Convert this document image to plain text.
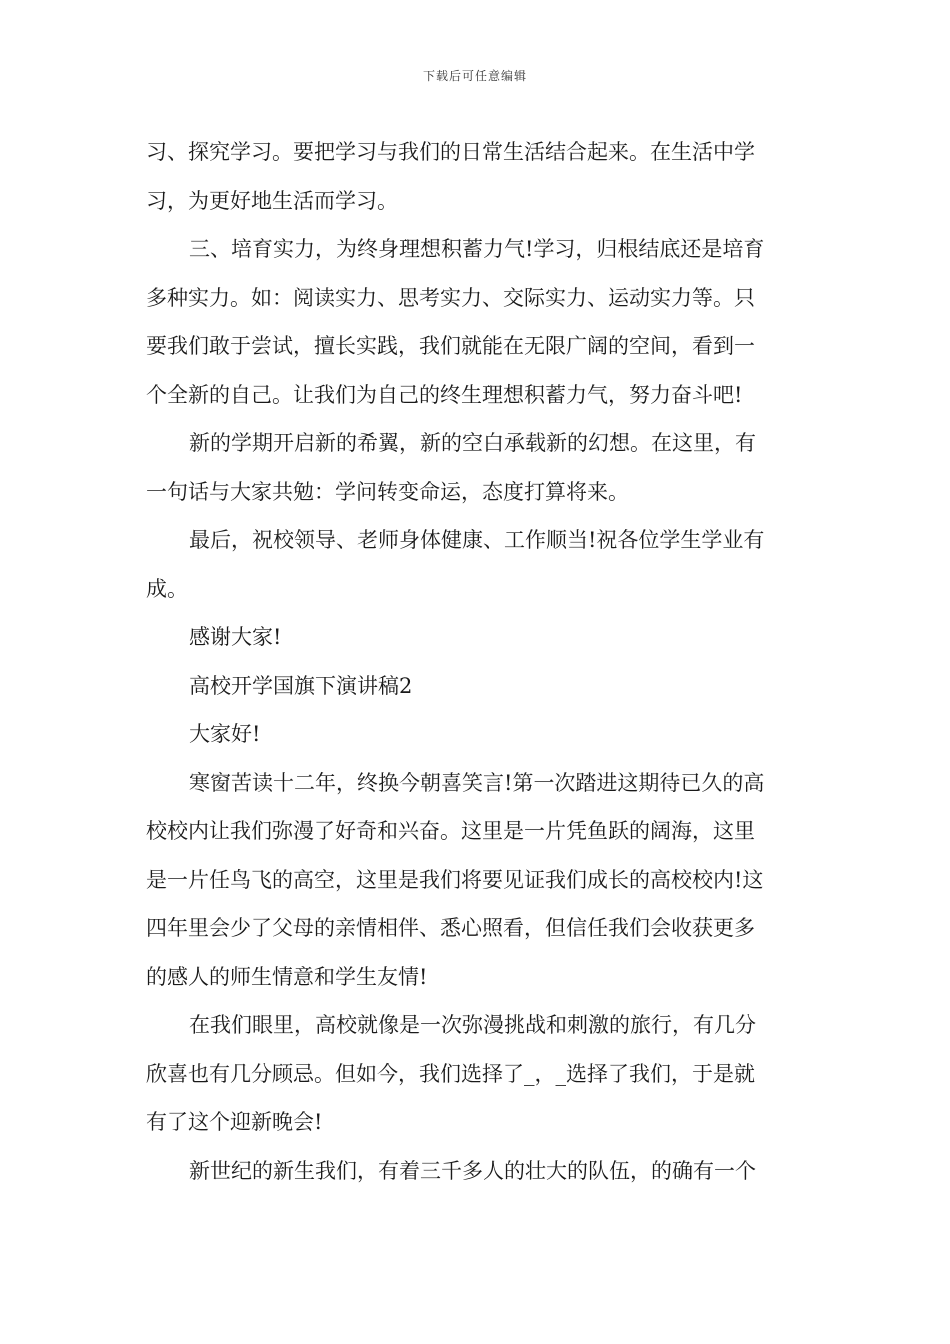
下载后可任意编辑
习、探究学习。要把学习与我们的日常生活结合起来。在生活中学
习，为更好地生活而学习。
三、培育实力，为终身理想积蓄力气!学习，归根结底还是培育
多种实力。如：阅读实力、思考实力、交际实力、运动实力等。只
要我们敢于尝试，擅长实践，我们就能在无限广阔的空间，看到一
个全新的自己。让我们为自己的终生理想积蓄力气，努力奋斗吧!
新的学期开启新的希翼，新的空白承载新的幻想。在这里，有
一句话与大家共勉：学问转变命运，态度打算将来。
最后，祝校领导、老师身体健康、工作顺当!祝各位学生学业有
成。
感谢大家!
高校开学国旗下演讲稿2
大家好!
寒窗苦读十二年，终换今朝喜笑言!第一次踏进这期待已久的高
校校内让我们弥漫了好奇和兴奋。这里是一片凭鱼跃的阔海，这里
是一片任鸟飞的高空，这里是我们将要见证我们成长的高校校内!这
四年里会少了父母的亲情相伴、悉心照看，但信任我们会收获更多
的感人的师生情意和学生友情!
在我们眼里，高校就像是一次弥漫挑战和刺激的旅行，有几分
欣喜也有几分顾忌。但如今，我们选择了_，_选择了我们，于是就
有了这个迎新晚会!
新世纪的新生我们，有着三千多人的壮大的队伍，的确有一个
